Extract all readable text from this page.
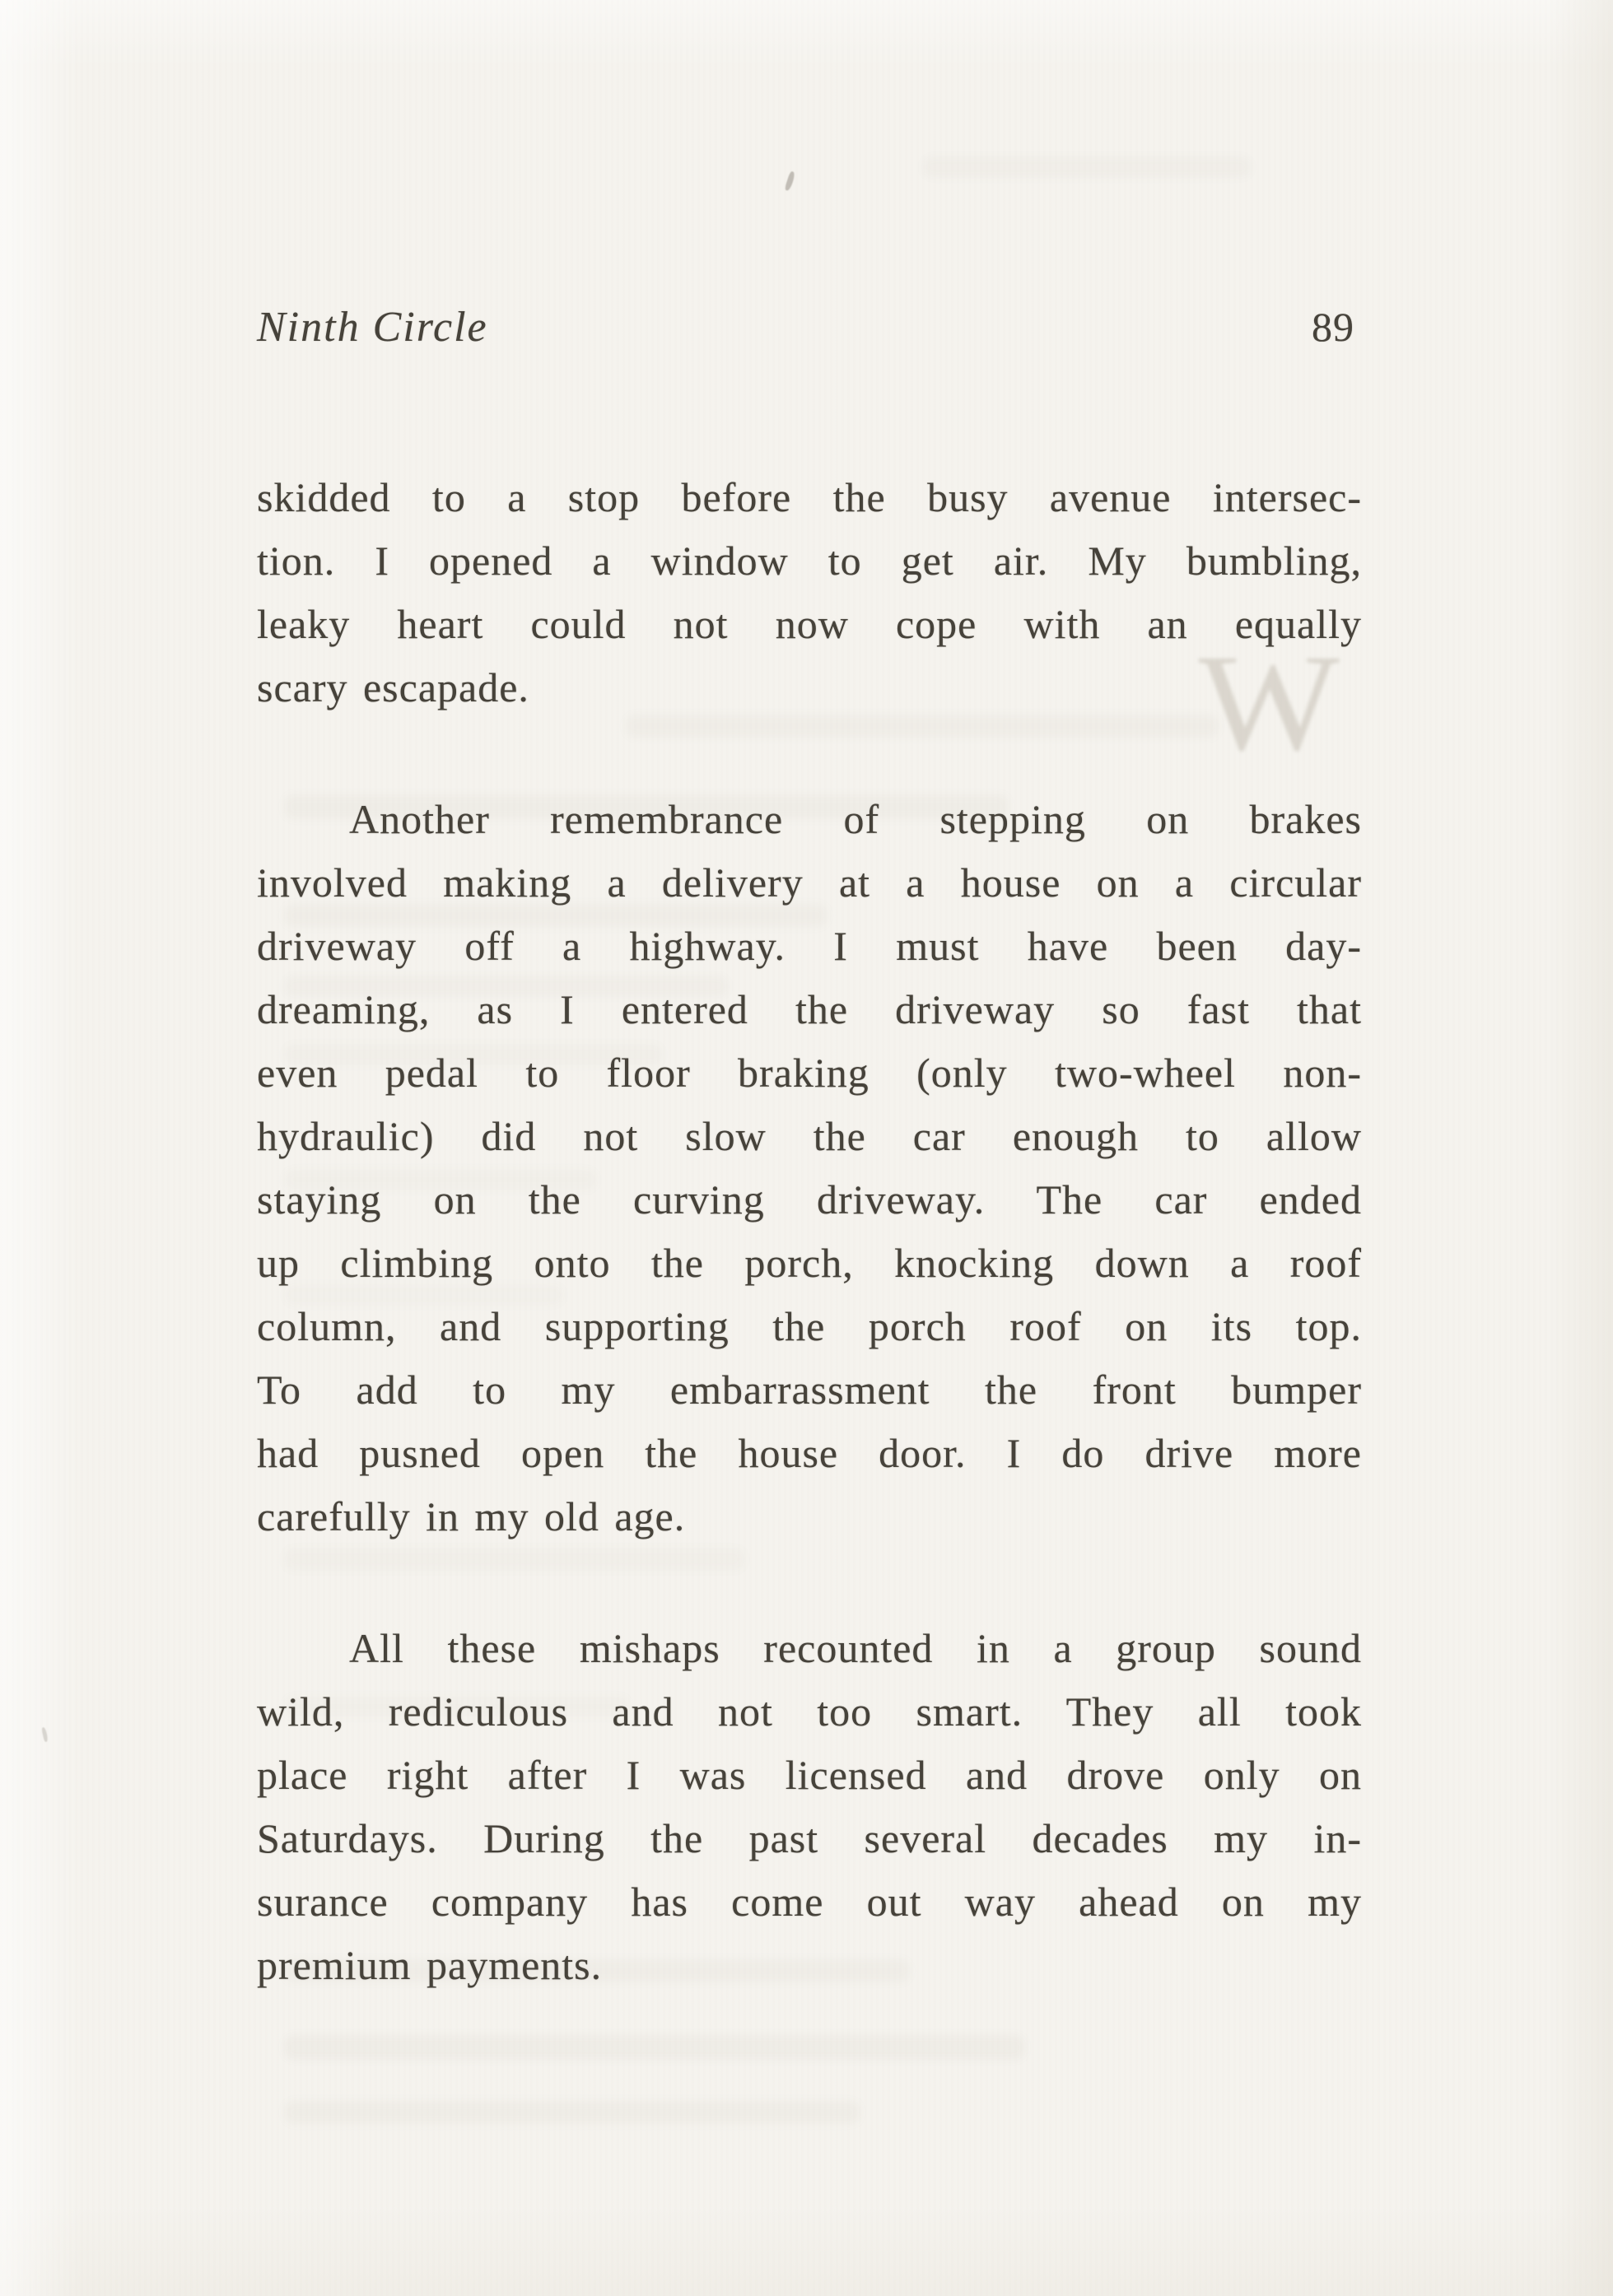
W
Ninth Circle	89

skidded to a stop before the busy avenue intersec-
tion. I opened a window to get air. My bumbling,
leaky heart could not now cope with an equally
scary escapade.

Another remembrance of stepping on brakes
involved making a delivery at a house on a circular
driveway off a highway. I must have been day-
dreaming, as I entered the driveway so fast that
even pedal to floor braking (only two-wheel non-
hydraulic) did not slow the car enough to allow
staying on the curving driveway. The car ended
up climbing onto the porch, knocking down a roof
column, and supporting the porch roof on its top.
To add to my embarrassment the front bumper
had pusned open the house door. I do drive more
carefully in my old age.

All these mishaps recounted in a group sound
wild, rediculous and not too smart. They all took
place right after I was licensed and drove only on
Saturdays. During the past several decades my in-
surance company has come out way ahead on my
premium payments.
